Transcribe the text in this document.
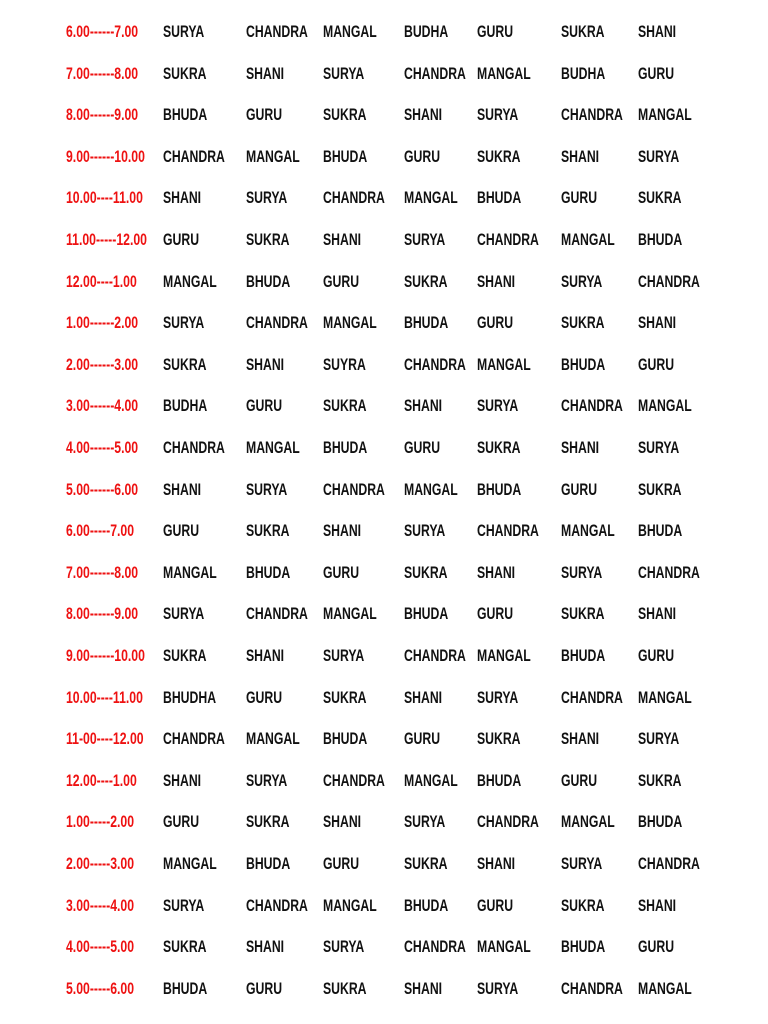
6.00------7.00 SURYA CHANDRA MANGAL BUDHA GURU	SUKRA SHANI
7.00------8.00 SUKRA SHANI SURYA CHANDRA MANGAL BUDHA GURU
8.00------9.00 BHUDA GURU SUKRA SHANI SURYA	CHANDRA MANGAL
9.00------10.00 CHANDRA MANGAL BHUDA GURU SUKRA SHANI SURYA
10.00----11.00 SHANI	SURYA CHANDRA MANGAL BHUDA GURU SUKRA
11.00-----12.00 GURU	SUKRA SHANI	SURYA CHANDRA MANGAL BHUDA
12.00----1.00 MANGAL BHUDA GURU	SUKRA SHANI	SURYA CHANDRA
1.00------2.00 SURYA CHANDRA MANGAL BHUDA GURU	SUKRA SHANI
2.00------3.00 SUKRA SHANI SUYRA CHANDRA MANGAL BHUDA GURU
3.00------4.00 BUDHA GURU SUKRA SHANI SURYA	CHANDRA MANGAL
4.00------5.00 CHANDRA MANGAL BHUDA GURU SUKRA SHANI SURYA
5.00------6.00 SHANI	SURYA CHANDRA MANGAL BHUDA GURU SUKRA
6.00-----7.00 GURU	SUKRA SHANI	SURYA CHANDRA MANGAL BHUDA
7.00------8.00 MANGAL BHUDA GURU	SUKRA SHANI	SURYA CHANDRA
8.00------9.00 SURYA CHANDRA MANGAL BHUDA GURU	SUKRA SHANI
9.00------10.00 SUKRA SHANI SURYA CHANDRA MANGAL BHUDA GURU
10.00----11.00 BHUDHA GURU SUKRA SHANI SURYA	CHANDRA MANGAL
11-00----12.00 CHANDRA MANGAL BHUDA GURU SUKRA SHANI SURYA
12.00----1.00 SHANI	SURYA CHANDRA MANGAL BHUDA GURU SUKRA
1.00-----2.00 GURU	SUKRA SHANI	SURYA CHANDRA MANGAL BHUDA
2.00-----3.00 MANGAL BHUDA GURU	SUKRA SHANI	SURYA CHANDRA
3.00-----4.00 SURYA CHANDRA MANGAL BHUDA GURU	SUKRA SHANI
4.00-----5.00 SUKRA SHANI SURYA CHANDRA MANGAL BHUDA GURU
5.00-----6.00 BHUDA GURU SUKRA SHANI SURYA	CHANDRA MANGAL
